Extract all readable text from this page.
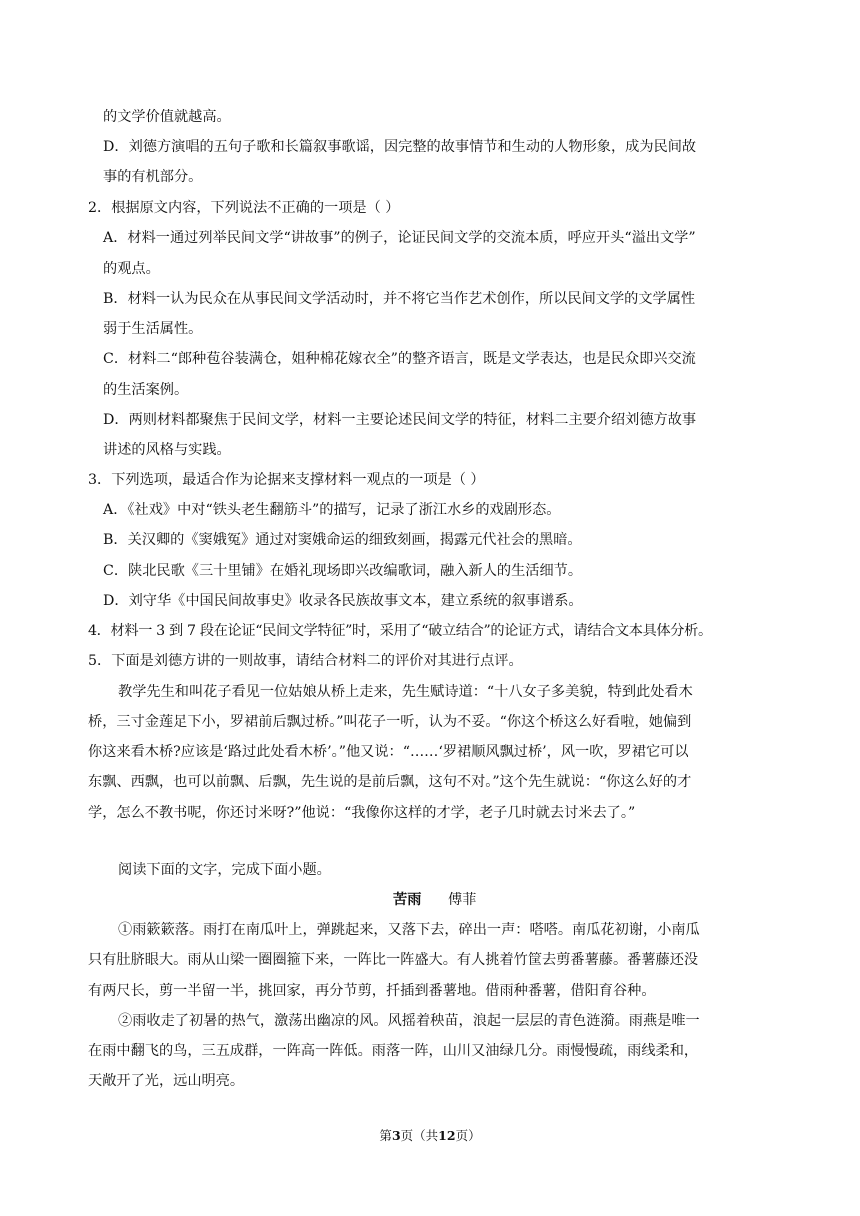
的文学价值就越高。
D．刘德方演唱的五句子歌和长篇叙事歌谣，因完整的故事情节和生动的人物形象，成为民间故
事的有机部分。
2．根据原文内容，下列说法不正确的一项是（ ）
A．材料一通过列举民间文学“讲故事”的例子，论证民间文学的交流本质，呼应开头“溢出文学”
的观点。
B．材料一认为民众在从事民间文学活动时，并不将它当作艺术创作，所以民间文学的文学属性
弱于生活属性。
C．材料二“郎种苞谷装满仓，姐种棉花嫁衣全”的整齐语言，既是文学表达，也是民众即兴交流
的生活案例。
D．两则材料都聚焦于民间文学，材料一主要论述民间文学的特征，材料二主要介绍刘德方故事
讲述的风格与实践。
3．下列选项，最适合作为论据来支撑材料一观点的一项是（ ）
A．《社戏》中对“铁头老生翻筋斗”的描写，记录了浙江水乡的戏剧形态。
B．关汉卿的《窦娥冤》通过对窦娥命运的细致刻画，揭露元代社会的黑暗。
C．陕北民歌《三十里铺》在婚礼现场即兴改编歌词，融入新人的生活细节。
D．刘守华《中国民间故事史》收录各民族故事文本，建立系统的叙事谱系。
4．材料一 3 到 7 段在论证“民间文学特征”时，采用了“破立结合”的论证方式，请结合文本具体分析。
5．下面是刘德方讲的一则故事，请结合材料二的评价对其进行点评。
教学先生和叫花子看见一位姑娘从桥上走来，先生赋诗道：“十八女子多美貌，特到此处看木
桥，三寸金莲足下小，罗裙前后飘过桥。”叫花子一听，认为不妥。“你这个桥这么好看啦，她偏到
你这来看木桥?应该是‘路过此处看木桥’。”他又说：“……‘罗裙顺风飘过桥’，风一吹，罗裙它可以
东飘、西飘，也可以前飘、后飘，先生说的是前后飘，这句不对。”这个先生就说：“你这么好的才
学，怎么不教书呢，你还讨米呀?”他说：“我像你这样的才学，老子几时就去讨米去了。”
阅读下面的文字，完成下面小题。
苦雨 傅菲
①雨簌簌落。雨打在南瓜叶上，弹跳起来，又落下去，碎出一声：嗒嗒。南瓜花初谢，小南瓜
只有肚脐眼大。雨从山梁一圈圈箍下来，一阵比一阵盛大。有人挑着竹筐去剪番薯藤。番薯藤还没
有两尺长，剪一半留一半，挑回家，再分节剪，扦插到番薯地。借雨种番薯，借阳育谷种。
②雨收走了初暑的热气，激荡出幽凉的风。风摇着秧苗，浪起一层层的青色涟漪。雨燕是唯一
在雨中翻飞的鸟，三五成群，一阵高一阵低。雨落一阵，山川又油绿几分。雨慢慢疏，雨线柔和，
天敞开了光，远山明亮。
第3页（共12页）
